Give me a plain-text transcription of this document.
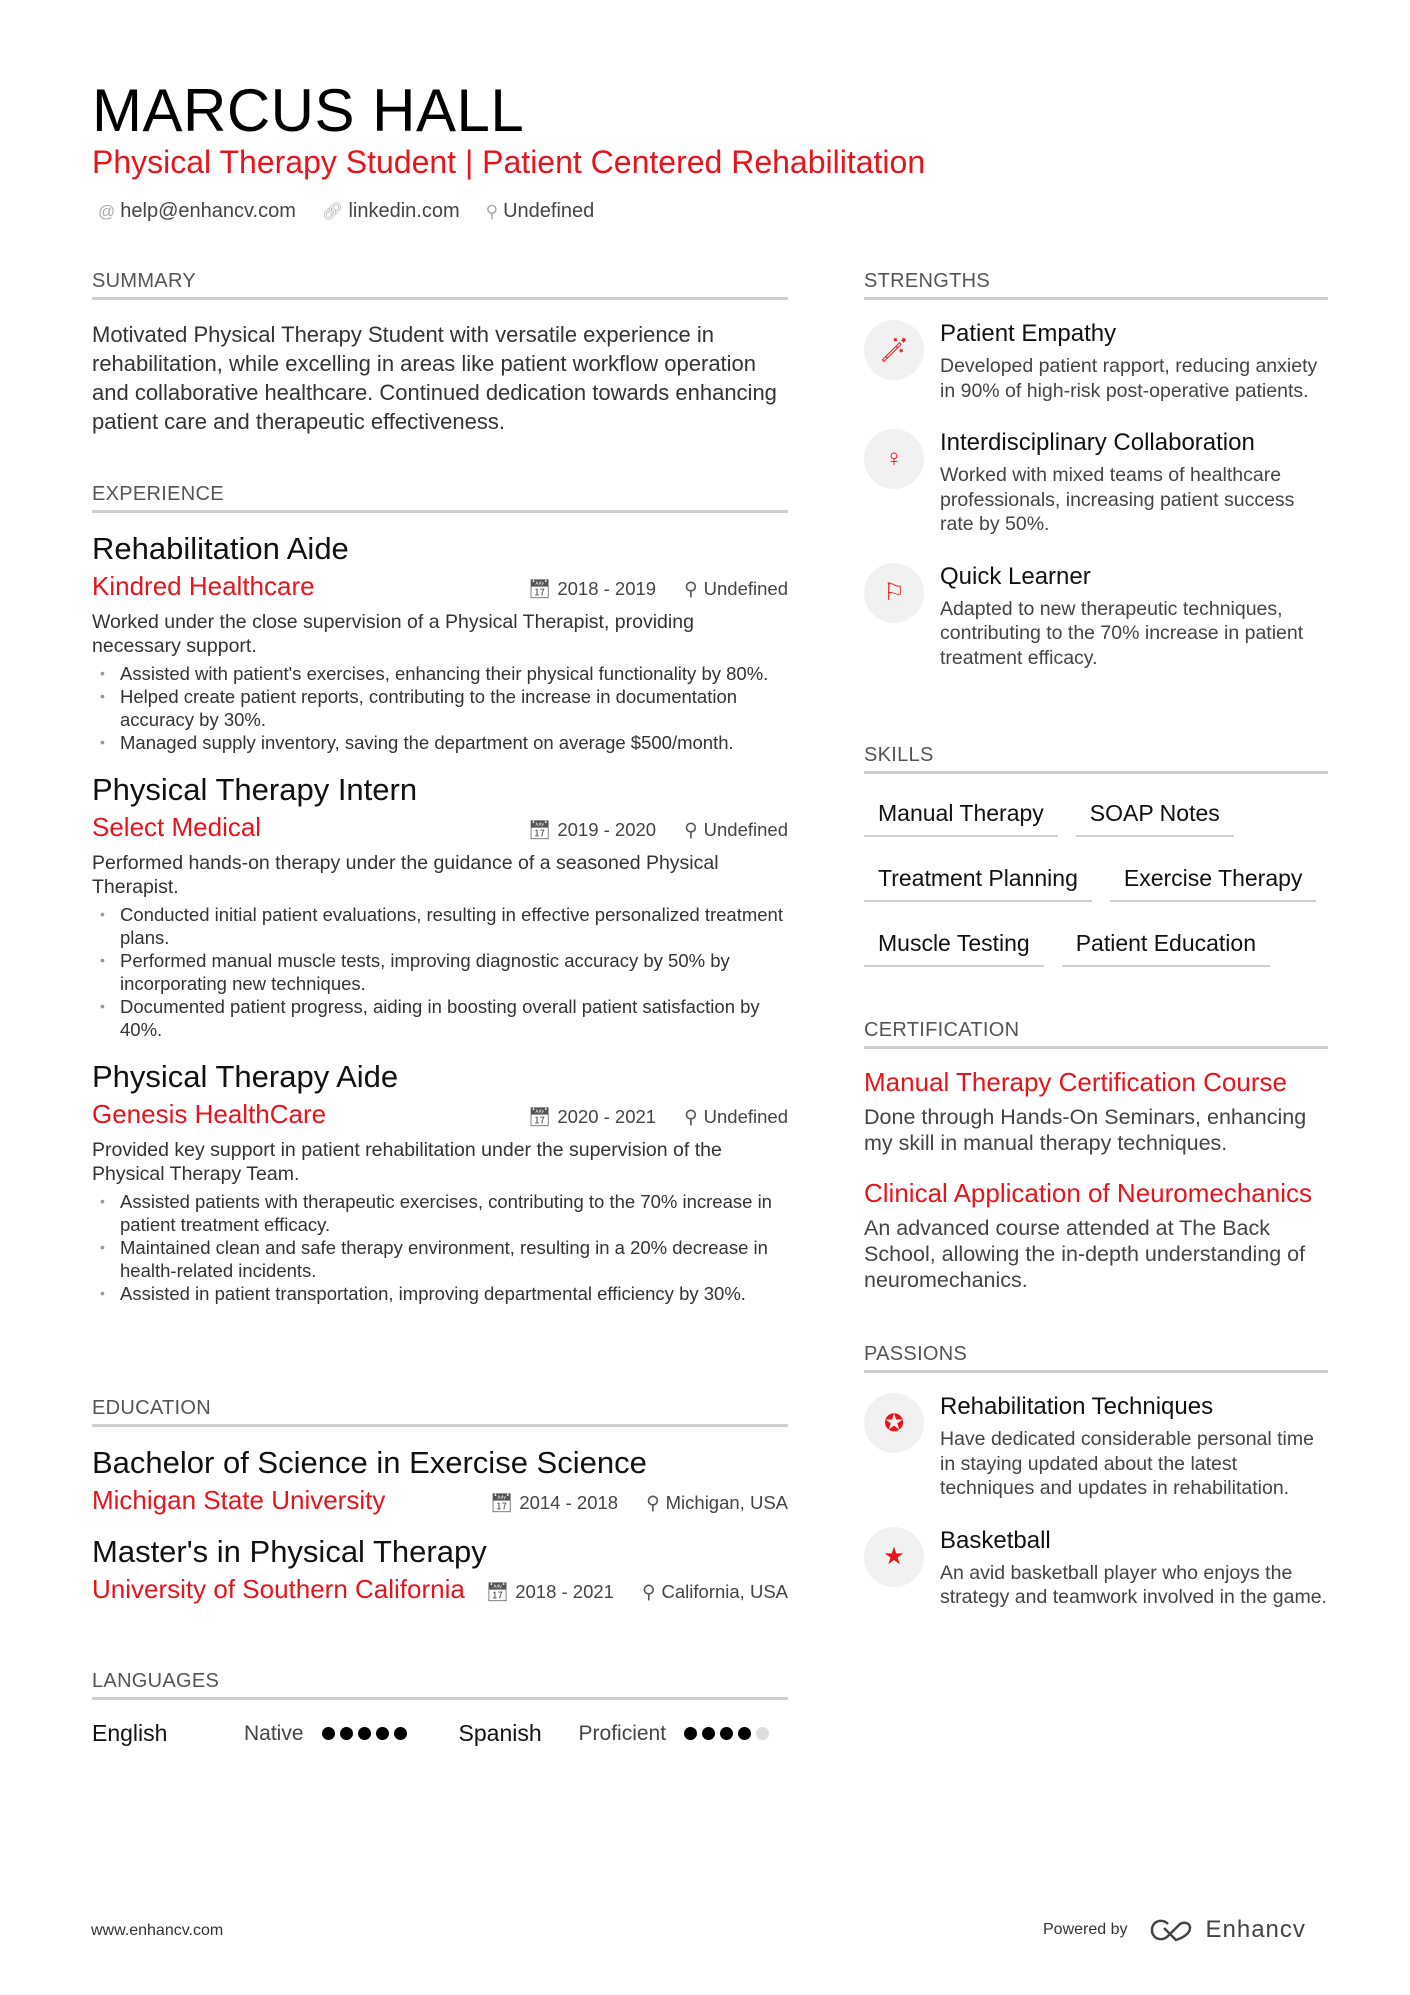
MARCUS HALL
Physical Therapy Student | Patient Centered Rehabilitation
@ help@enhancv.com 🔗︎ linkedin.com ⚲ Undefined
SUMMARY
Motivated Physical Therapy Student with versatile experience in rehabilitation, while excelling in areas like patient workflow operation and collaborative healthcare. Continued dedication towards enhancing patient care and therapeutic effectiveness.
EXPERIENCE
Rehabilitation Aide
Kindred Healthcare	📅︎ 2018 - 2019 ⚲ Undefined
Worked under the close supervision of a Physical Therapist, providing necessary support.
• Assisted with patient's exercises, enhancing their physical functionality by 80%.
• Helped create patient reports, contributing to the increase in documentation accuracy by 30%.
• Managed supply inventory, saving the department on average $500/month.
Physical Therapy Intern
Select Medical	📅︎ 2019 - 2020 ⚲ Undefined
Performed hands-on therapy under the guidance of a seasoned Physical Therapist.
• Conducted initial patient evaluations, resulting in effective personalized treatment plans.
• Performed manual muscle tests, improving diagnostic accuracy by 50% by incorporating new techniques.
• Documented patient progress, aiding in boosting overall patient satisfaction by 40%.
Physical Therapy Aide
Genesis HealthCare	📅︎ 2020 - 2021 ⚲ Undefined
Provided key support in patient rehabilitation under the supervision of the Physical Therapy Team.
• Assisted patients with therapeutic exercises, contributing to the 70% increase in patient treatment efficacy.
• Maintained clean and safe therapy environment, resulting in a 20% decrease in health-related incidents.
• Assisted in patient transportation, improving departmental efficiency by 30%.
EDUCATION
Bachelor of Science in Exercise Science
Michigan State University	📅︎ 2014 - 2018 ⚲ Michigan, USA
Master's in Physical Therapy
University of Southern California 📅︎ 2018 - 2021 ⚲ California, USA
LANGUAGES
English	Native	Spanish	Proficient
STRENGTHS
🪄︎
Patient Empathy
Developed patient rapport, reducing anxiety in 90% of high-risk post-operative patients.
♀
Interdisciplinary Collaboration
Worked with mixed teams of healthcare professionals, increasing patient success rate by 50%.
⚐
Quick Learner
Adapted to new therapeutic techniques, contributing to the 70% increase in patient treatment efficacy.
SKILLS
Manual Therapy	SOAP Notes
Treatment Planning	Exercise Therapy
Muscle Testing	Patient Education
CERTIFICATION
Manual Therapy Certification Course
Done through Hands-On Seminars, enhancing my skill in manual therapy techniques.
Clinical Application of Neuromechanics
An advanced course attended at The Back School, allowing the in-depth understanding of neuromechanics.
PASSIONS
✪
Rehabilitation Techniques
Have dedicated considerable personal time in staying updated about the latest techniques and updates in rehabilitation.
★
Basketball
An avid basketball player who enjoys the strategy and teamwork involved in the game.
www.enhancv.com	Powered by	Enhancv
